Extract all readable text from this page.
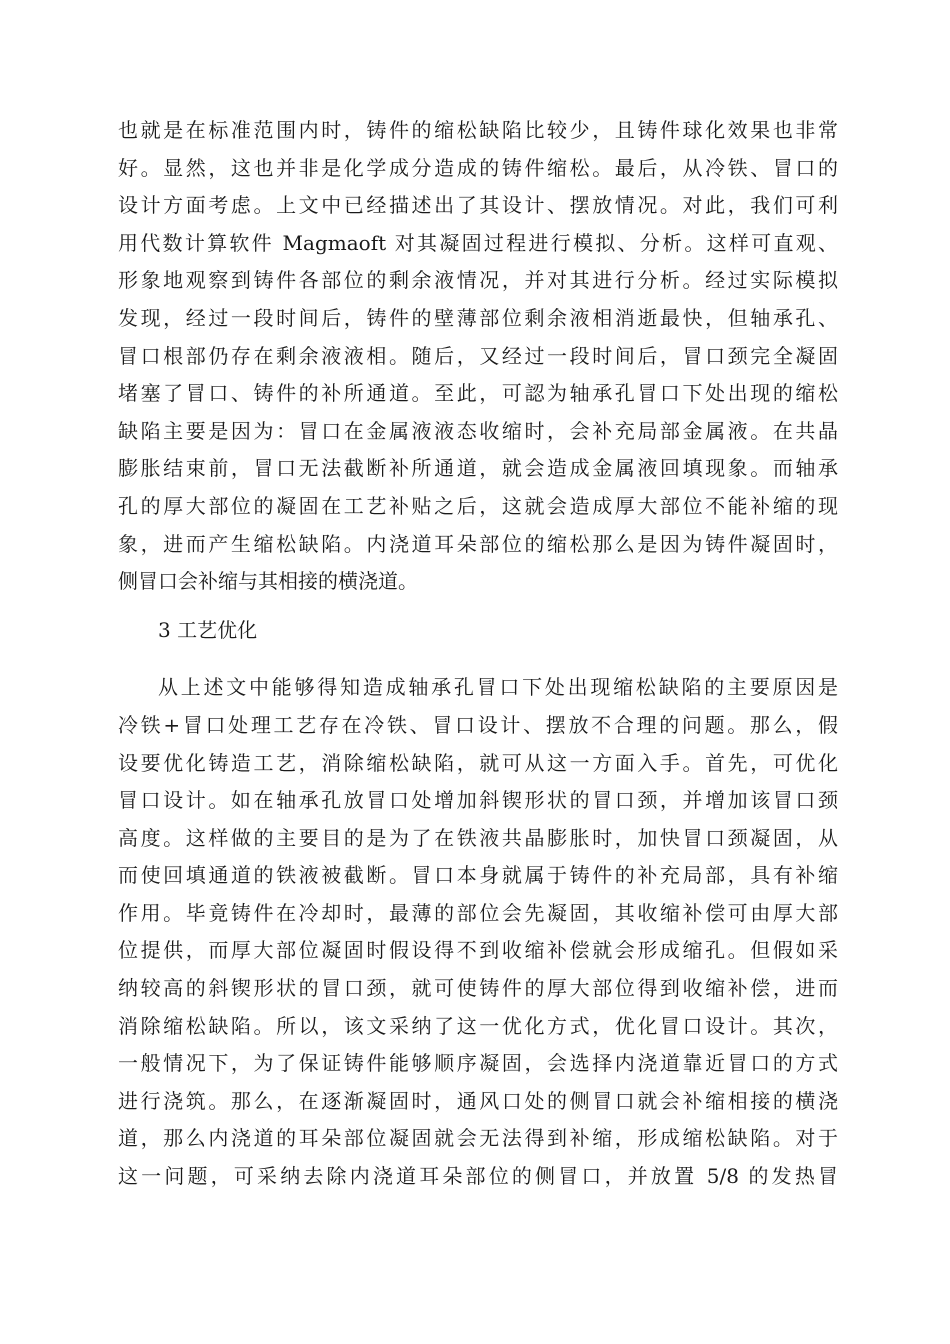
也就是在标准范围内时，铸件的缩松缺陷比较少，且铸件球化效果也非常
好。显然，这也并非是化学成分造成的铸件缩松。最后，从冷铁、冒口的
设计方面考虑。上文中已经描述出了其设计、摆放情况。对此，我们可利
用代数计算软件 Magmaoft 对其凝固过程进行模拟、分析。这样可直观、
形象地观察到铸件各部位的剩余液情况，并对其进行分析。经过实际模拟
发现，经过一段时间后，铸件的壁薄部位剩余液相消逝最快，但轴承孔、
冒口根部仍存在剩余液液相。随后，又经过一段时间后，冒口颈完全凝固
堵塞了冒口、铸件的补所通道。至此，可認为轴承孔冒口下处出现的缩松
缺陷主要是因为：冒口在金属液液态收缩时，会补充局部金属液。在共晶
膨胀结束前，冒口无法截断补所通道，就会造成金属液回填现象。而轴承
孔的厚大部位的凝固在工艺补贴之后，这就会造成厚大部位不能补缩的现
象，进而产生缩松缺陷。内浇道耳朵部位的缩松那么是因为铸件凝固时，
侧冒口会补缩与其相接的横浇道。
3 工艺优化
从上述文中能够得知造成轴承孔冒口下处出现缩松缺陷的主要原因是
冷铁+冒口处理工艺存在冷铁、冒口设计、摆放不合理的问题。那么，假
设要优化铸造工艺，消除缩松缺陷，就可从这一方面入手。首先，可优化
冒口设计。如在轴承孔放冒口处增加斜锲形状的冒口颈，并增加该冒口颈
高度。这样做的主要目的是为了在铁液共晶膨胀时，加快冒口颈凝固，从
而使回填通道的铁液被截断。冒口本身就属于铸件的补充局部，具有补缩
作用。毕竟铸件在冷却时，最薄的部位会先凝固，其收缩补偿可由厚大部
位提供，而厚大部位凝固时假设得不到收缩补偿就会形成缩孔。但假如采
纳较高的斜锲形状的冒口颈，就可使铸件的厚大部位得到收缩补偿，进而
消除缩松缺陷。所以，该文采纳了这一优化方式，优化冒口设计。其次，
一般情况下，为了保证铸件能够顺序凝固，会选择内浇道靠近冒口的方式
进行浇筑。那么，在逐渐凝固时，通风口处的侧冒口就会补缩相接的横浇
道，那么内浇道的耳朵部位凝固就会无法得到补缩，形成缩松缺陷。对于
这一问题，可采纳去除内浇道耳朵部位的侧冒口，并放置 5/8 的发热冒
